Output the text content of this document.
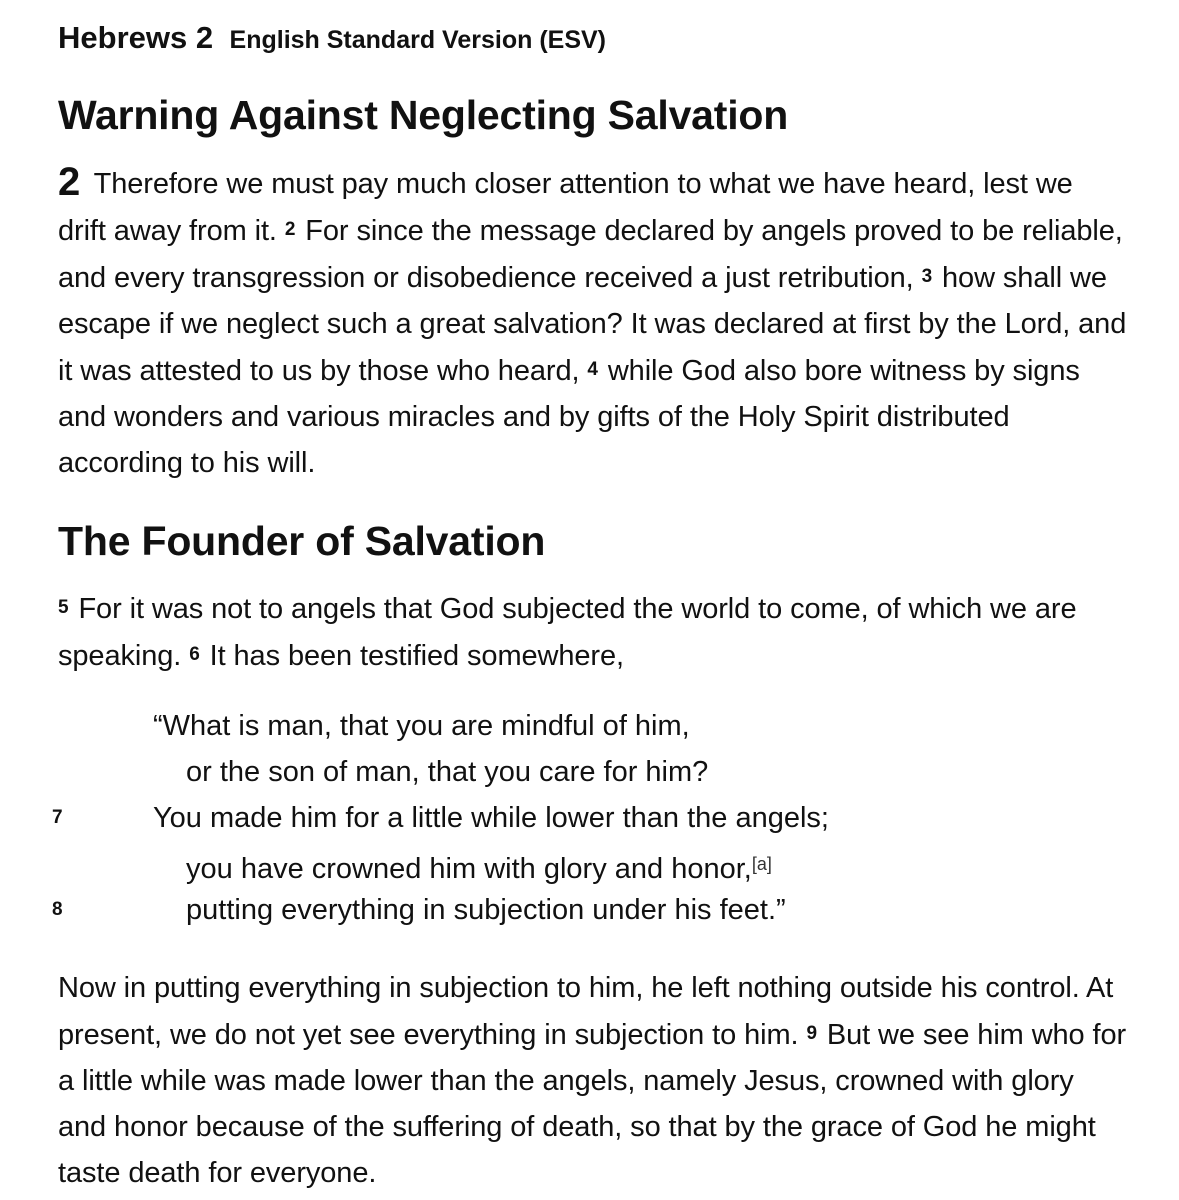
Hebrews 2 English Standard Version (ESV)
Warning Against Neglecting Salvation
2 Therefore we must pay much closer attention to what we have heard, lest we drift away from it. 2 For since the message declared by angels proved to be reliable, and every transgression or disobedience received a just retribution, 3 how shall we escape if we neglect such a great salvation? It was declared at first by the Lord, and it was attested to us by those who heard, 4 while God also bore witness by signs and wonders and various miracles and by gifts of the Holy Spirit distributed according to his will.
The Founder of Salvation
5 For it was not to angels that God subjected the world to come, of which we are speaking. 6 It has been testified somewhere,
“What is man, that you are mindful of him,
or the son of man, that you care for him?
7	You made him for a little while lower than the angels;
you have crowned him with glory and honor,[a]
8	putting everything in subjection under his feet.”
Now in putting everything in subjection to him, he left nothing outside his control. At present, we do not yet see everything in subjection to him. 9 But we see him who for a little while was made lower than the angels, namely Jesus, crowned with glory and honor because of the suffering of death, so that by the grace of God he might taste death for everyone.
